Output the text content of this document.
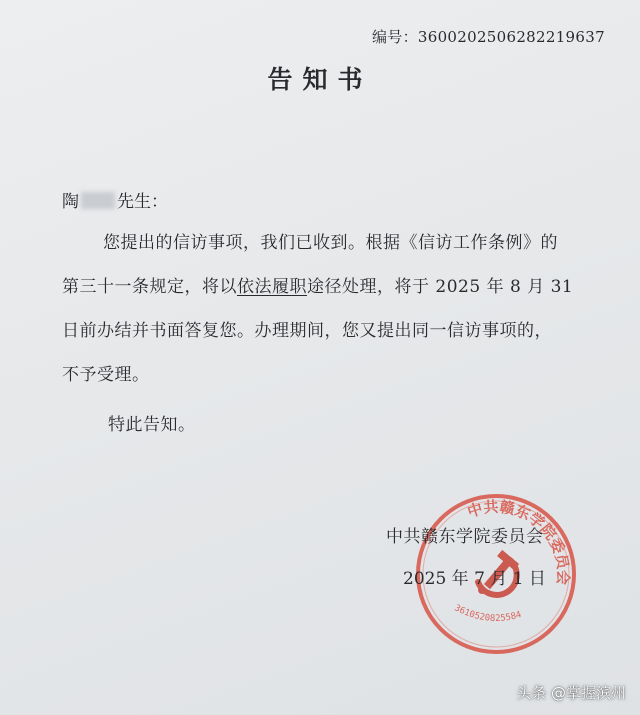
编号：3600202506282219637
告知书
陶 先生：
您提出的信访事项，我们已收到。根据《信访工作条例》的
第三十一条规定，将以依法履职途径处理，将于 2025 年 8 月 31
日前办结并书面答复您。办理期间，您又提出同一信访事项的，
不予受理。
特此告知。
中共赣东学院委员会
3610520825584
中共赣东学院委员会
2025 年 7 月 1 日
头条 @掌握滨州
